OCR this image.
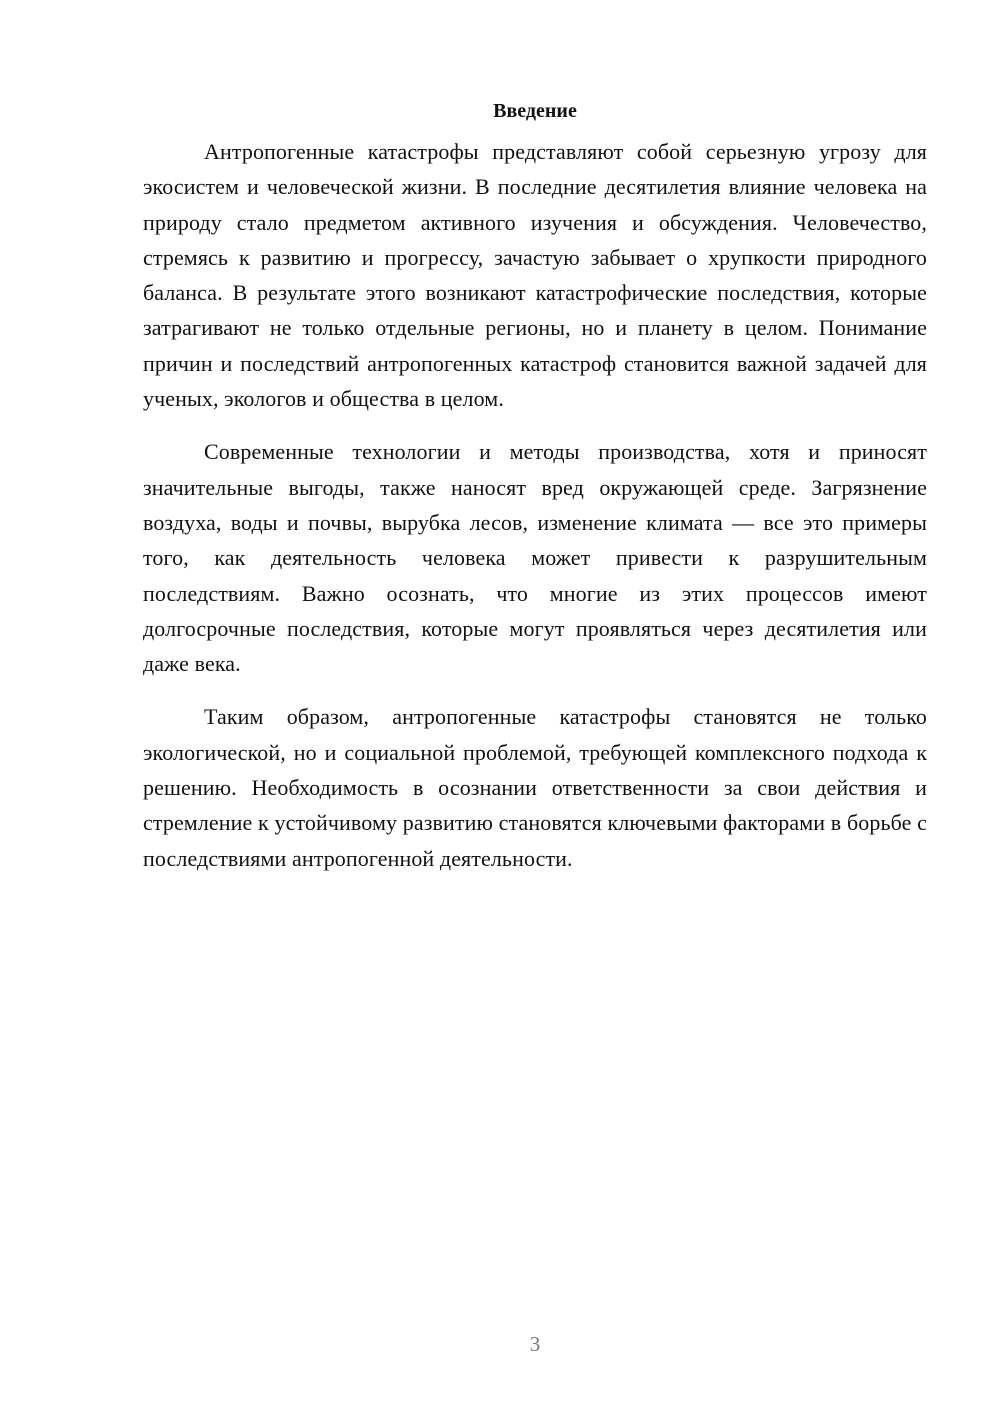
Введение

Антропогенные катастрофы представляют собой серьезную угрозу для экосистем и человеческой жизни. В последние десятилетия влияние человека на природу стало предметом активного изучения и обсуждения. Человечество, стремясь к развитию и прогрессу, зачастую забывает о хрупкости природного баланса. В результате этого возникают катастрофические последствия, которые затрагивают не только отдельные регионы, но и планету в целом. Понимание причин и последствий антропогенных катастроф становится важной задачей для ученых, экологов и общества в целом.

Современные технологии и методы производства, хотя и приносят значительные выгоды, также наносят вред окружающей среде. Загрязнение воздуха, воды и почвы, вырубка лесов, изменение климата — все это примеры того, как деятельность человека может привести к разрушительным последствиям. Важно осознать, что многие из этих процессов имеют долгосрочные последствия, которые могут проявляться через десятилетия или даже века.

Таким образом, антропогенные катастрофы становятся не только экологической, но и социальной проблемой, требующей комплексного подхода к решению. Необходимость в осознании ответственности за свои действия и стремление к устойчивому развитию становятся ключевыми факторами в борьбе с последствиями антропогенной деятельности.

3
